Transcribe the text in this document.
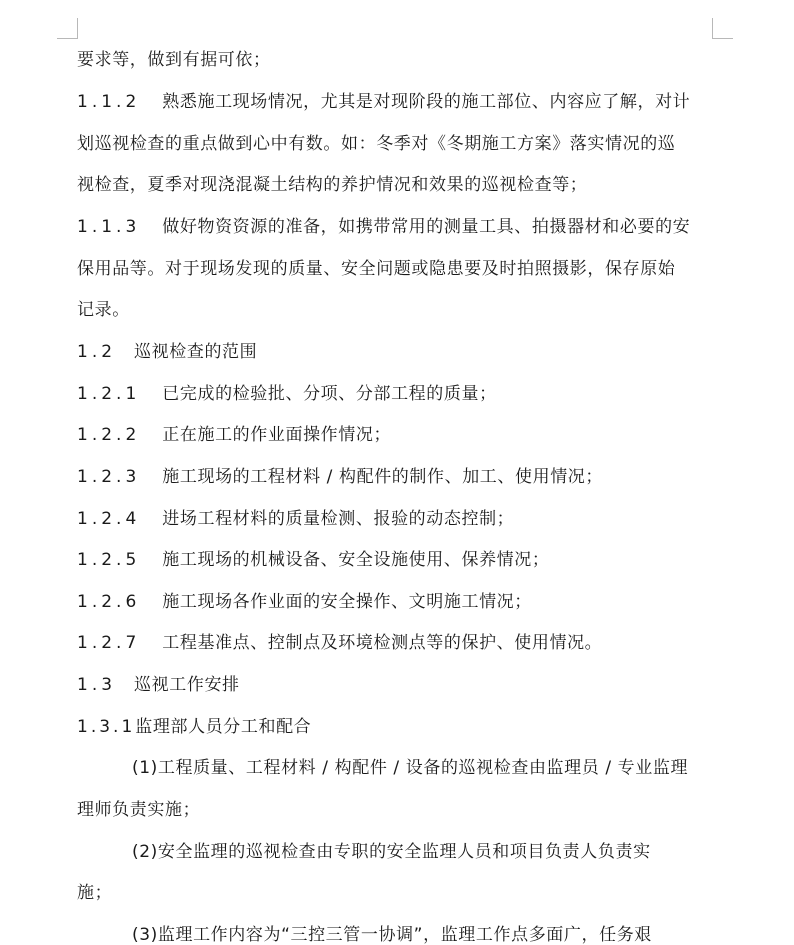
要求等，做到有据可依；
1.1.2 熟悉施工现场情况，尤其是对现阶段的施工部位、内容应了解，对计
划巡视检查的重点做到心中有数。如：冬季对《冬期施工方案》落实情况的巡
视检查，夏季对现浇混凝土结构的养护情况和效果的巡视检查等；
1.1.3 做好物资资源的准备，如携带常用的测量工具、拍摄器材和必要的安
保用品等。对于现场发现的质量、安全问题或隐患要及时拍照摄影，保存原始
记录。
1.2 巡视检查的范围
1.2.1 已完成的检验批、分项、分部工程的质量；
1.2.2 正在施工的作业面操作情况；
1.2.3 施工现场的工程材料 / 构配件的制作、加工、使用情况；
1.2.4 进场工程材料的质量检测、报验的动态控制；
1.2.5 施工现场的机械设备、安全设施使用、保养情况；
1.2.6 施工现场各作业面的安全操作、文明施工情况；
1.2.7 工程基准点、控制点及环境检测点等的保护、使用情况。
1.3 巡视工作安排
1.3.1监理部人员分工和配合
(1)工程质量、工程材料 / 构配件 / 设备的巡视检查由监理员 / 专业监理
理师负责实施；
(2)安全监理的巡视检查由专职的安全监理人员和项目负责人负责实
施；
(3)监理工作内容为“三控三管一协调”，监理工作点多面广，任务艰
